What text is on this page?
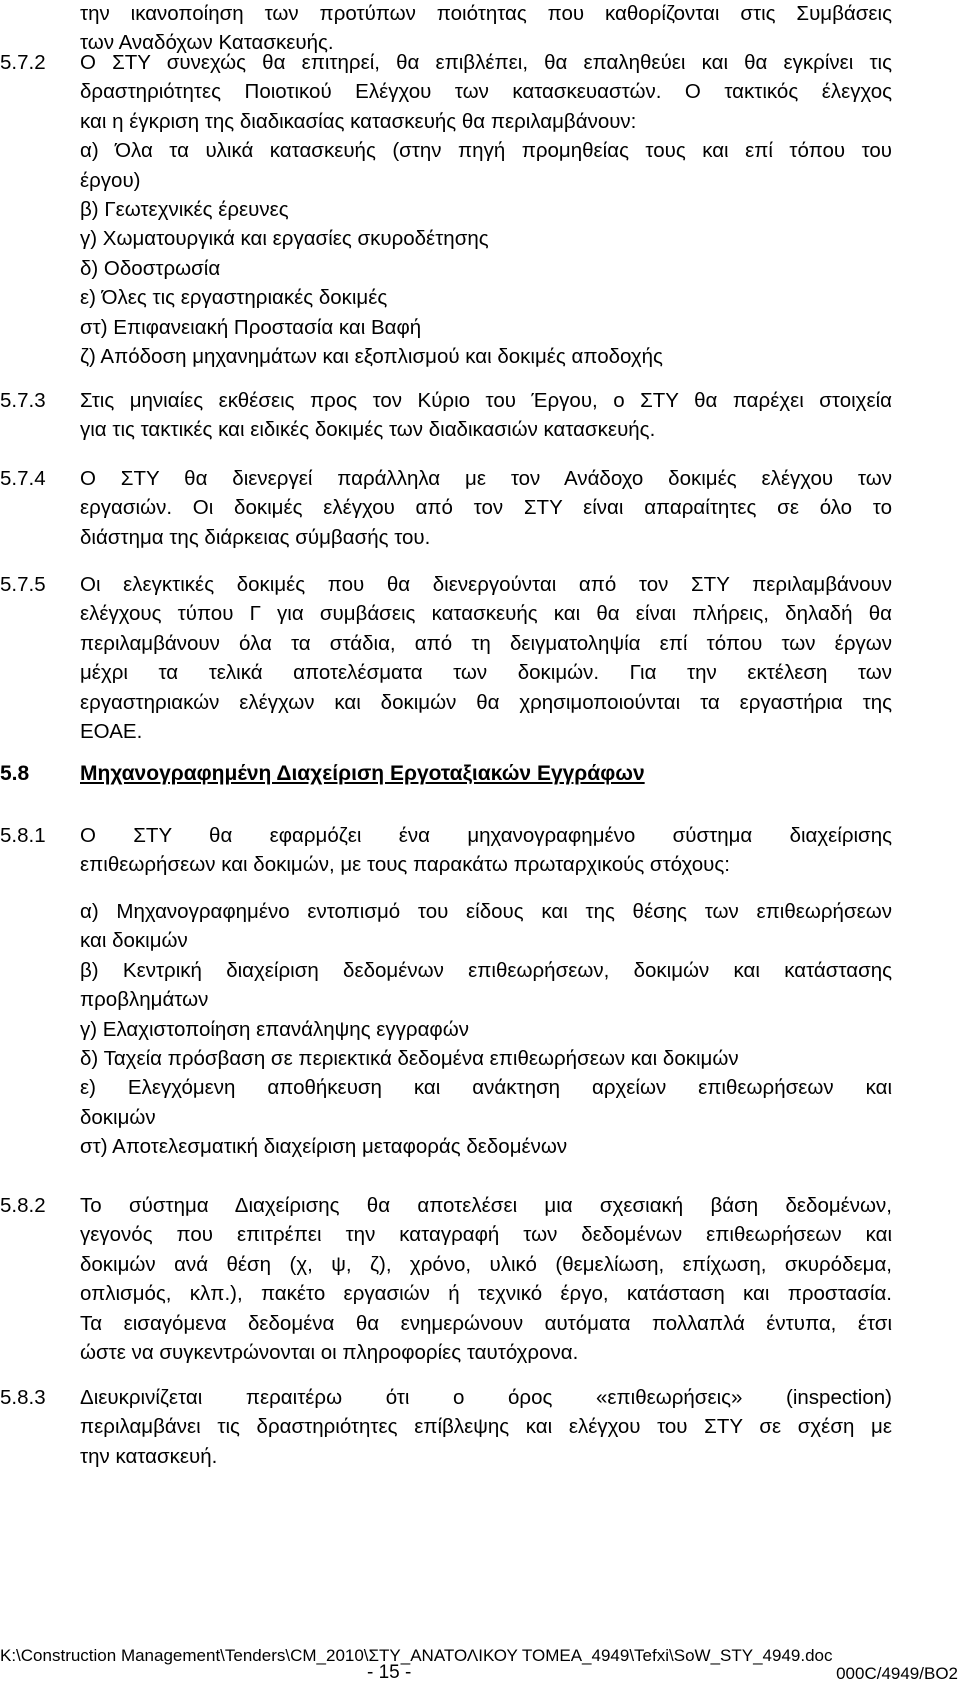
την ικανοποίηση των προτύπων ποιότητας που καθορίζονται στις Συμβάσεις
των Αναδόχων Κατασκευής.
5.7.2	Ο ΣΤΥ συνεχώς θα επιτηρεί, θα επιβλέπει, θα επαληθεύει και θα εγκρίνει τις
δραστηριότητες Ποιοτικού Ελέγχου των κατασκευαστών. Ο τακτικός έλεγχος
και η έγκριση της διαδικασίας κατασκευής θα περιλαμβάνουν:
α) Όλα τα υλικά κατασκευής (στην πηγή προμηθείας τους και επί τόπου του
έργου)
β) Γεωτεχνικές έρευνες
γ) Χωματουργικά και εργασίες σκυροδέτησης
δ) Οδοστρωσία
ε) Όλες τις εργαστηριακές δοκιμές
στ) Επιφανειακή Προστασία και Βαφή
ζ) Απόδοση μηχανημάτων και εξοπλισμού και δοκιμές αποδοχής
5.7.3	Στις μηνιαίες εκθέσεις προς τον Κύριο του Έργου, ο ΣΤΥ θα παρέχει στοιχεία
για τις τακτικές και ειδικές δοκιμές των διαδικασιών κατασκευής.
5.7.4	Ο ΣΤΥ θα διενεργεί παράλληλα με τον Ανάδοχο δοκιμές ελέγχου των
εργασιών. Οι δοκιμές ελέγχου από τον ΣΤΥ είναι απαραίτητες σε όλο το
διάστημα της διάρκειας σύμβασής του.
5.7.5	Οι ελεγκτικές δοκιμές που θα διενεργούνται από τον ΣΤΥ περιλαμβάνουν
ελέγχους τύπου Γ για συμβάσεις κατασκευής και θα είναι πλήρεις, δηλαδή θα
περιλαμβάνουν όλα τα στάδια, από τη δειγματοληψία επί τόπου των έργων
μέχρι τα τελικά αποτελέσματα των δοκιμών. Για την εκτέλεση των
εργαστηριακών ελέγχων και δοκιμών θα χρησιμοποιούνται τα εργαστήρια της
ΕΟΑΕ.
5.8 Μηχανογραφημένη Διαχείριση Εργοταξιακών Εγγράφων
5.8.1	Ο ΣΤΥ θα εφαρμόζει ένα μηχανογραφημένο σύστημα διαχείρισης
επιθεωρήσεων και δοκιμών, με τους παρακάτω πρωταρχικούς στόχους:
α) Μηχανογραφημένο εντοπισμό του είδους και της θέσης των επιθεωρήσεων
και δοκιμών
β) Κεντρική διαχείριση δεδομένων επιθεωρήσεων, δοκιμών και κατάστασης
προβλημάτων
γ) Ελαχιστοποίηση επανάληψης εγγραφών
δ) Ταχεία πρόσβαση σε περιεκτικά δεδομένα επιθεωρήσεων και δοκιμών
ε) Ελεγχόμενη αποθήκευση και ανάκτηση αρχείων επιθεωρήσεων και
δοκιμών
στ) Αποτελεσματική διαχείριση μεταφοράς δεδομένων
5.8.2	Το σύστημα Διαχείρισης θα αποτελέσει μια σχεσιακή βάση δεδομένων,
γεγονός που επιτρέπει την καταγραφή των δεδομένων επιθεωρήσεων και
δοκιμών ανά θέση (χ, ψ, ζ), χρόνο, υλικό (θεμελίωση, επίχωση, σκυρόδεμα,
οπλισμός, κλπ.), πακέτο εργασιών ή τεχνικό έργο, κατάσταση και προστασία.
Τα εισαγόμενα δεδομένα θα ενημερώνουν αυτόματα πολλαπλά έντυπα, έτσι
ώστε να συγκεντρώνονται οι πληροφορίες ταυτόχρονα.
5.8.3	Διευκρινίζεται περαιτέρω ότι ο όρος «επιθεωρήσεις» (inspection)
περιλαμβάνει τις δραστηριότητες επίβλεψης και ελέγχου του ΣΤΥ σε σχέση με
την κατασκευή.
K:\Construction Management\Tenders\CM_2010\ΣΤΥ_ΑΝΑΤΟΛΙΚΟΥ ΤΟΜΕΑ_4949\Tefxi\SoW_STY_4949.doc
- 15 -	000C/4949/BO2
